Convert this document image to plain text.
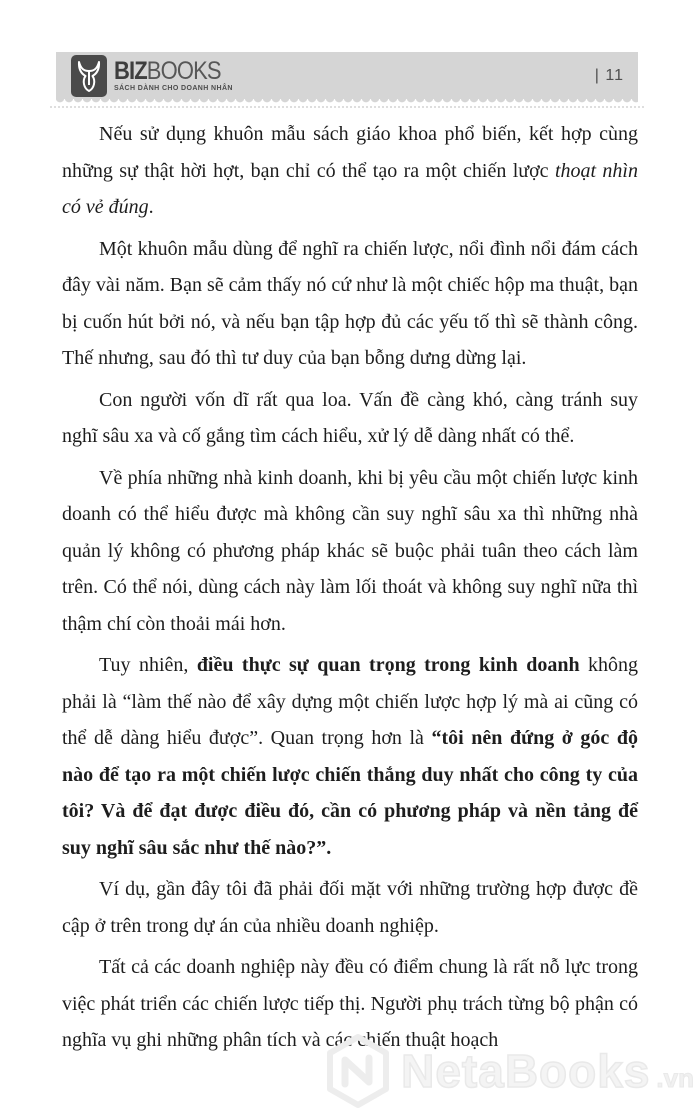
BIZBOOKS
SÁCH DÀNH CHO DOANH NHÂN
| 11

Nếu sử dụng khuôn mẫu sách giáo khoa phổ biến, kết hợp cùng những sự thật hời hợt, bạn chỉ có thể tạo ra một chiến lược thoạt nhìn có vẻ đúng.

Một khuôn mẫu dùng để nghĩ ra chiến lược, nổi đình nổi đám cách đây vài năm. Bạn sẽ cảm thấy nó cứ như là một chiếc hộp ma thuật, bạn bị cuốn hút bởi nó, và nếu bạn tập hợp đủ các yếu tố thì sẽ thành công. Thế nhưng, sau đó thì tư duy của bạn bỗng dưng dừng lại.

Con người vốn dĩ rất qua loa. Vấn đề càng khó, càng tránh suy nghĩ sâu xa và cố gắng tìm cách hiểu, xử lý dễ dàng nhất có thể.

Về phía những nhà kinh doanh, khi bị yêu cầu một chiến lược kinh doanh có thể hiểu được mà không cần suy nghĩ sâu xa thì những nhà quản lý không có phương pháp khác sẽ buộc phải tuân theo cách làm trên. Có thể nói, dùng cách này làm lối thoát và không suy nghĩ nữa thì thậm chí còn thoải mái hơn.

Tuy nhiên, điều thực sự quan trọng trong kinh doanh không phải là “làm thế nào để xây dựng một chiến lược hợp lý mà ai cũng có thể dễ dàng hiểu được”. Quan trọng hơn là “tôi nên đứng ở góc độ nào để tạo ra một chiến lược chiến thắng duy nhất cho công ty của tôi? Và để đạt được điều đó, cần có phương pháp và nền tảng để suy nghĩ sâu sắc như thế nào?”.

Ví dụ, gần đây tôi đã phải đối mặt với những trường hợp được đề cập ở trên trong dự án của nhiều doanh nghiệp.

Tất cả các doanh nghiệp này đều có điểm chung là rất nỗ lực trong việc phát triển các chiến lược tiếp thị. Người phụ trách từng bộ phận có nghĩa vụ ghi những phân tích và các chiến thuật hoạch

NetaBooks .vn
